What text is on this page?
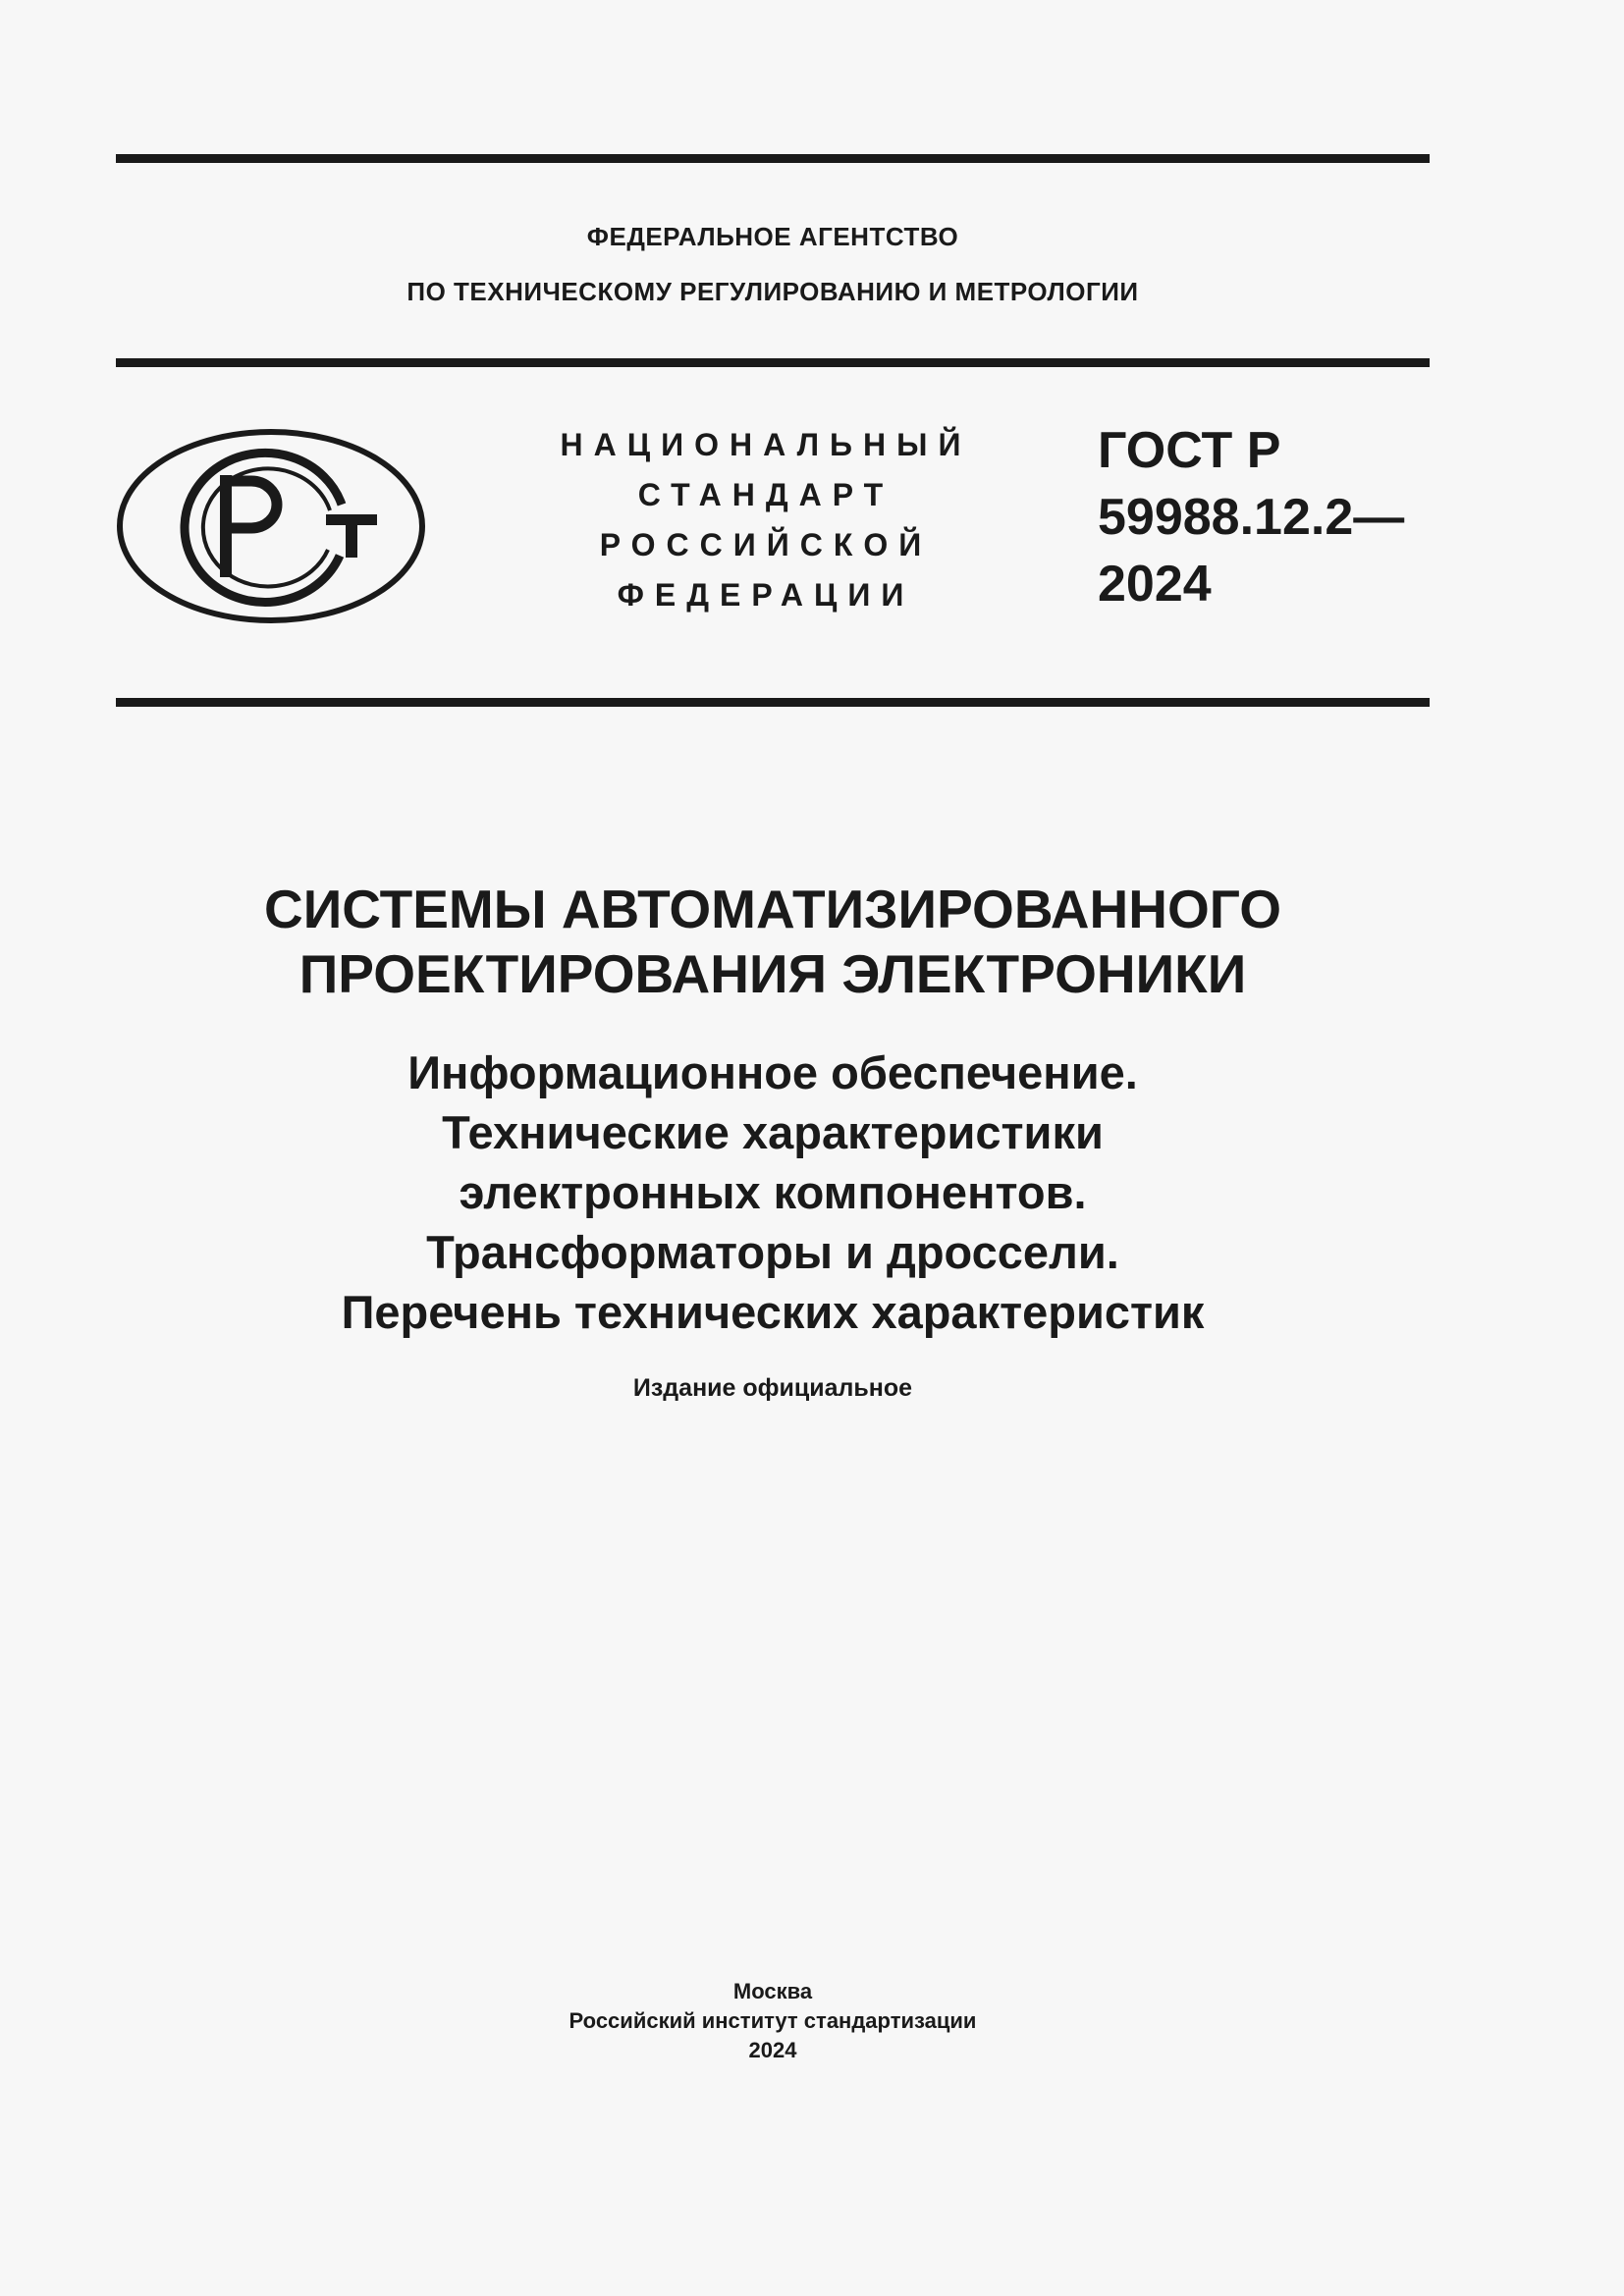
ФЕДЕРАЛЬНОЕ АГЕНТСТВО
ПО ТЕХНИЧЕСКОМУ РЕГУЛИРОВАНИЮ И МЕТРОЛОГИИ
НАЦИОНАЛЬНЫЙ
СТАНДАРТ
РОССИЙСКОЙ
ФЕДЕРАЦИИ
ГОСТ Р
59988.12.2—
2024
СИСТЕМЫ АВТОМАТИЗИРОВАННОГО
ПРОЕКТИРОВАНИЯ ЭЛЕКТРОНИКИ
Информационное обеспечение.
Технические характеристики
электронных компонентов.
Трансформаторы и дроссели.
Перечень технических характеристик
Издание официальное
Москва
Российский институт стандартизации
2024
